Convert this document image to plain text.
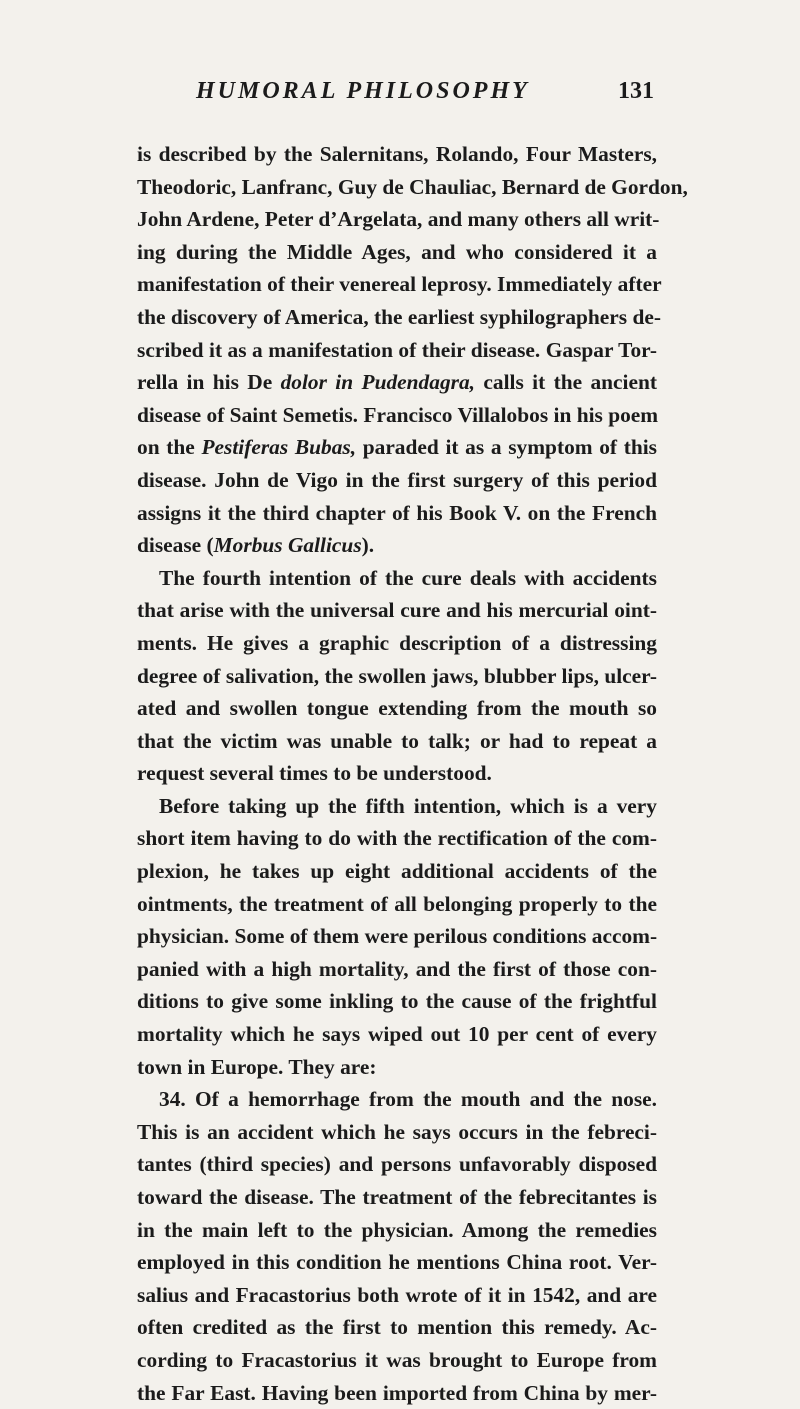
HUMORAL PHILOSOPHY	131
is described by the Salernitans, Rolando, Four Masters,
Theodoric, Lanfranc, Guy de Chauliac, Bernard de Gordon,
John Ardene, Peter d’Argelata, and many others all writ-
ing during the Middle Ages, and who considered it a
manifestation of their venereal leprosy. Immediately after
the discovery of America, the earliest syphilographers de-
scribed it as a manifestation of their disease. Gaspar Tor-
rella in his De dolor in Pudendagra, calls it the ancient
disease of Saint Semetis. Francisco Villalobos in his poem
on the Pestiferas Bubas, paraded it as a symptom of this
disease. John de Vigo in the first surgery of this period
assigns it the third chapter of his Book V. on the French
disease (Morbus Gallicus).
The fourth intention of the cure deals with accidents
that arise with the universal cure and his mercurial oint-
ments. He gives a graphic description of a distressing
degree of salivation, the swollen jaws, blubber lips, ulcer-
ated and swollen tongue extending from the mouth so
that the victim was unable to talk; or had to repeat a
request several times to be understood.
Before taking up the fifth intention, which is a very
short item having to do with the rectification of the com-
plexion, he takes up eight additional accidents of the
ointments, the treatment of all belonging properly to the
physician. Some of them were perilous conditions accom-
panied with a high mortality, and the first of those con-
ditions to give some inkling to the cause of the frightful
mortality which he says wiped out 10 per cent of every
town in Europe. They are:
34. Of a hemorrhage from the mouth and the nose.
This is an accident which he says occurs in the febreci-
tantes (third species) and persons unfavorably disposed
toward the disease. The treatment of the febrecitantes is
in the main left to the physician. Among the remedies
employed in this condition he mentions China root. Ver-
salius and Fracastorius both wrote of it in 1542, and are
often credited as the first to mention this remedy. Ac-
cording to Fracastorius it was brought to Europe from
the Far East. Having been imported from China by mer-
